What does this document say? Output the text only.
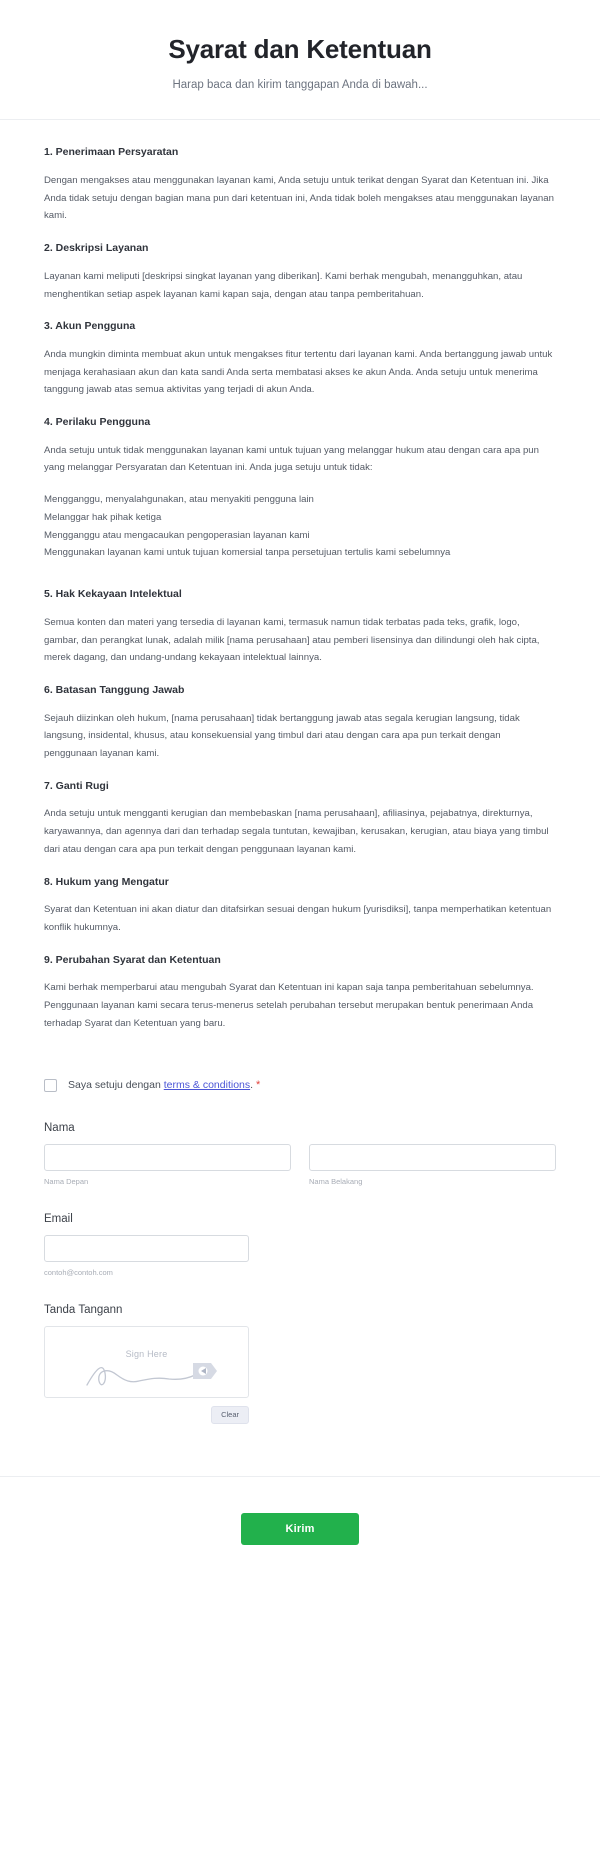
Syarat dan Ketentuan

Harap baca dan kirim tanggapan Anda di bawah...

1. Penerimaan Persyaratan

Dengan mengakses atau menggunakan layanan kami, Anda setuju untuk terikat dengan Syarat dan Ketentuan ini. Jika Anda tidak setuju dengan bagian mana pun dari ketentuan ini, Anda tidak boleh mengakses atau menggunakan layanan kami.

2. Deskripsi Layanan

Layanan kami meliputi [deskripsi singkat layanan yang diberikan]. Kami berhak mengubah, menangguhkan, atau menghentikan setiap aspek layanan kami kapan saja, dengan atau tanpa pemberitahuan.

3. Akun Pengguna

Anda mungkin diminta membuat akun untuk mengakses fitur tertentu dari layanan kami. Anda bertanggung jawab untuk menjaga kerahasiaan akun dan kata sandi Anda serta membatasi akses ke akun Anda. Anda setuju untuk menerima tanggung jawab atas semua aktivitas yang terjadi di akun Anda.

4. Perilaku Pengguna

Anda setuju untuk tidak menggunakan layanan kami untuk tujuan yang melanggar hukum atau dengan cara apa pun yang melanggar Persyaratan dan Ketentuan ini. Anda juga setuju untuk tidak:

Mengganggu, menyalahgunakan, atau menyakiti pengguna lain
Melanggar hak pihak ketiga
Mengganggu atau mengacaukan pengoperasian layanan kami
Menggunakan layanan kami untuk tujuan komersial tanpa persetujuan tertulis kami sebelumnya

5. Hak Kekayaan Intelektual

Semua konten dan materi yang tersedia di layanan kami, termasuk namun tidak terbatas pada teks, grafik, logo, gambar, dan perangkat lunak, adalah milik [nama perusahaan] atau pemberi lisensinya dan dilindungi oleh hak cipta, merek dagang, dan undang-undang kekayaan intelektual lainnya.

6. Batasan Tanggung Jawab

Sejauh diizinkan oleh hukum, [nama perusahaan] tidak bertanggung jawab atas segala kerugian langsung, tidak langsung, insidental, khusus, atau konsekuensial yang timbul dari atau dengan cara apa pun terkait dengan penggunaan layanan kami.

7. Ganti Rugi

Anda setuju untuk mengganti kerugian dan membebaskan [nama perusahaan], afiliasinya, pejabatnya, direkturnya, karyawannya, dan agennya dari dan terhadap segala tuntutan, kewajiban, kerusakan, kerugian, atau biaya yang timbul dari atau dengan cara apa pun terkait dengan penggunaan layanan kami.

8. Hukum yang Mengatur

Syarat dan Ketentuan ini akan diatur dan ditafsirkan sesuai dengan hukum [yurisdiksi], tanpa memperhatikan ketentuan konflik hukumnya.

9. Perubahan Syarat dan Ketentuan

Kami berhak memperbarui atau mengubah Syarat dan Ketentuan ini kapan saja tanpa pemberitahuan sebelumnya. Penggunaan layanan kami secara terus-menerus setelah perubahan tersebut merupakan bentuk penerimaan Anda terhadap Syarat dan Ketentuan yang baru.

Saya setuju dengan terms & conditions. *
Nama
Nama Depan	Nama Belakang
Email
contoh@contoh.com
Tanda Tangann
Sign Here
Clear
Kirim
